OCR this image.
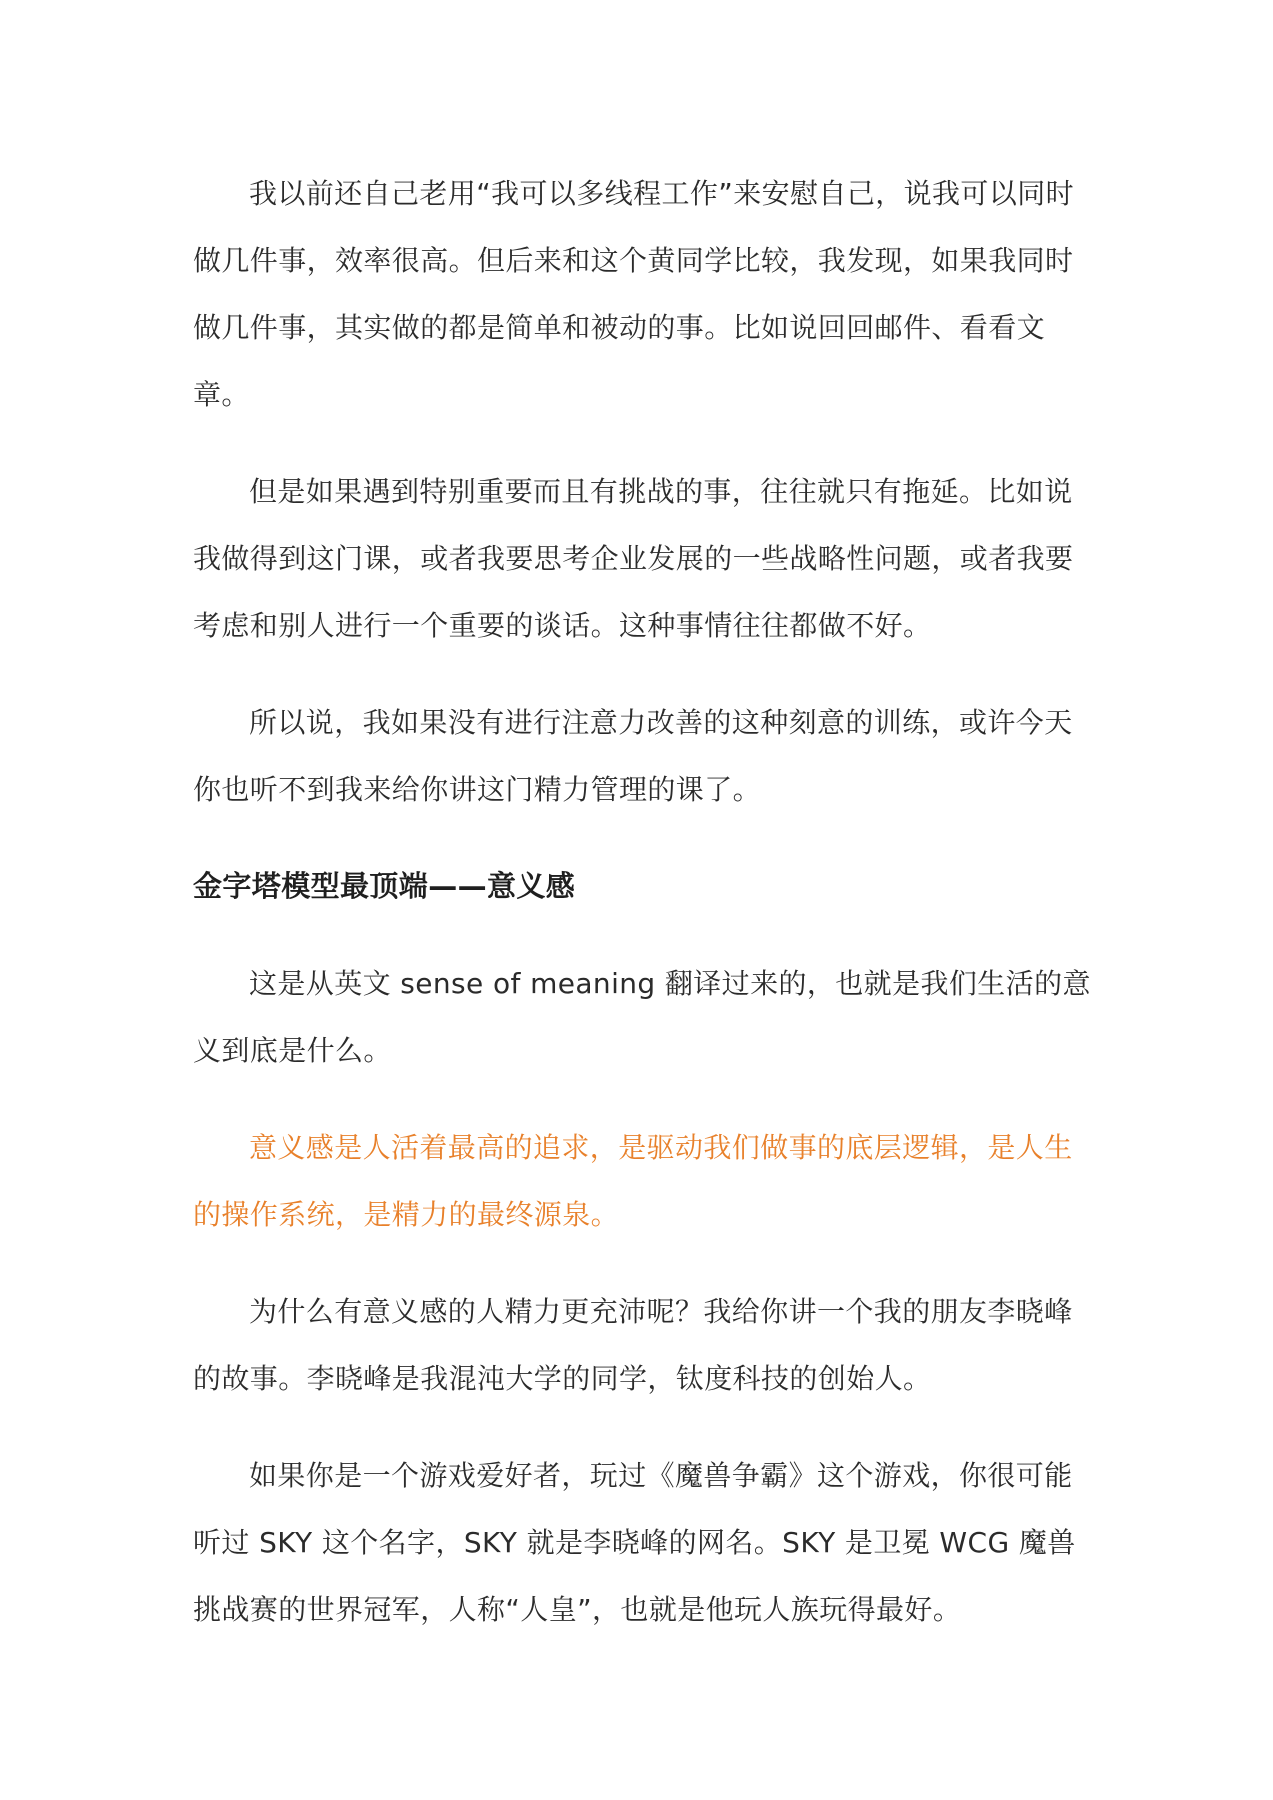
我以前还自己老用“我可以多线程工作”来安慰自己，说我可以同时做几件事，效率很高。但后来和这个黄同学比较，我发现，如果我同时做几件事，其实做的都是简单和被动的事。比如说回回邮件、看看文章。

但是如果遇到特别重要而且有挑战的事，往往就只有拖延。比如说我做得到这门课，或者我要思考企业发展的一些战略性问题，或者我要考虑和别人进行一个重要的谈话。这种事情往往都做不好。

所以说，我如果没有进行注意力改善的这种刻意的训练，或许今天你也听不到我来给你讲这门精力管理的课了。

金字塔模型最顶端——意义感

这是从英文 sense of meaning 翻译过来的，也就是我们生活的意义到底是什么。

意义感是人活着最高的追求，是驱动我们做事的底层逻辑，是人生的操作系统，是精力的最终源泉。

为什么有意义感的人精力更充沛呢？我给你讲一个我的朋友李晓峰的故事。李晓峰是我混沌大学的同学，钛度科技的创始人。

如果你是一个游戏爱好者，玩过《魔兽争霸》这个游戏，你很可能听过 SKY 这个名字，SKY 就是李晓峰的网名。SKY 是卫冕 WCG 魔兽挑战赛的世界冠军，人称“人皇”，也就是他玩人族玩得最好。
